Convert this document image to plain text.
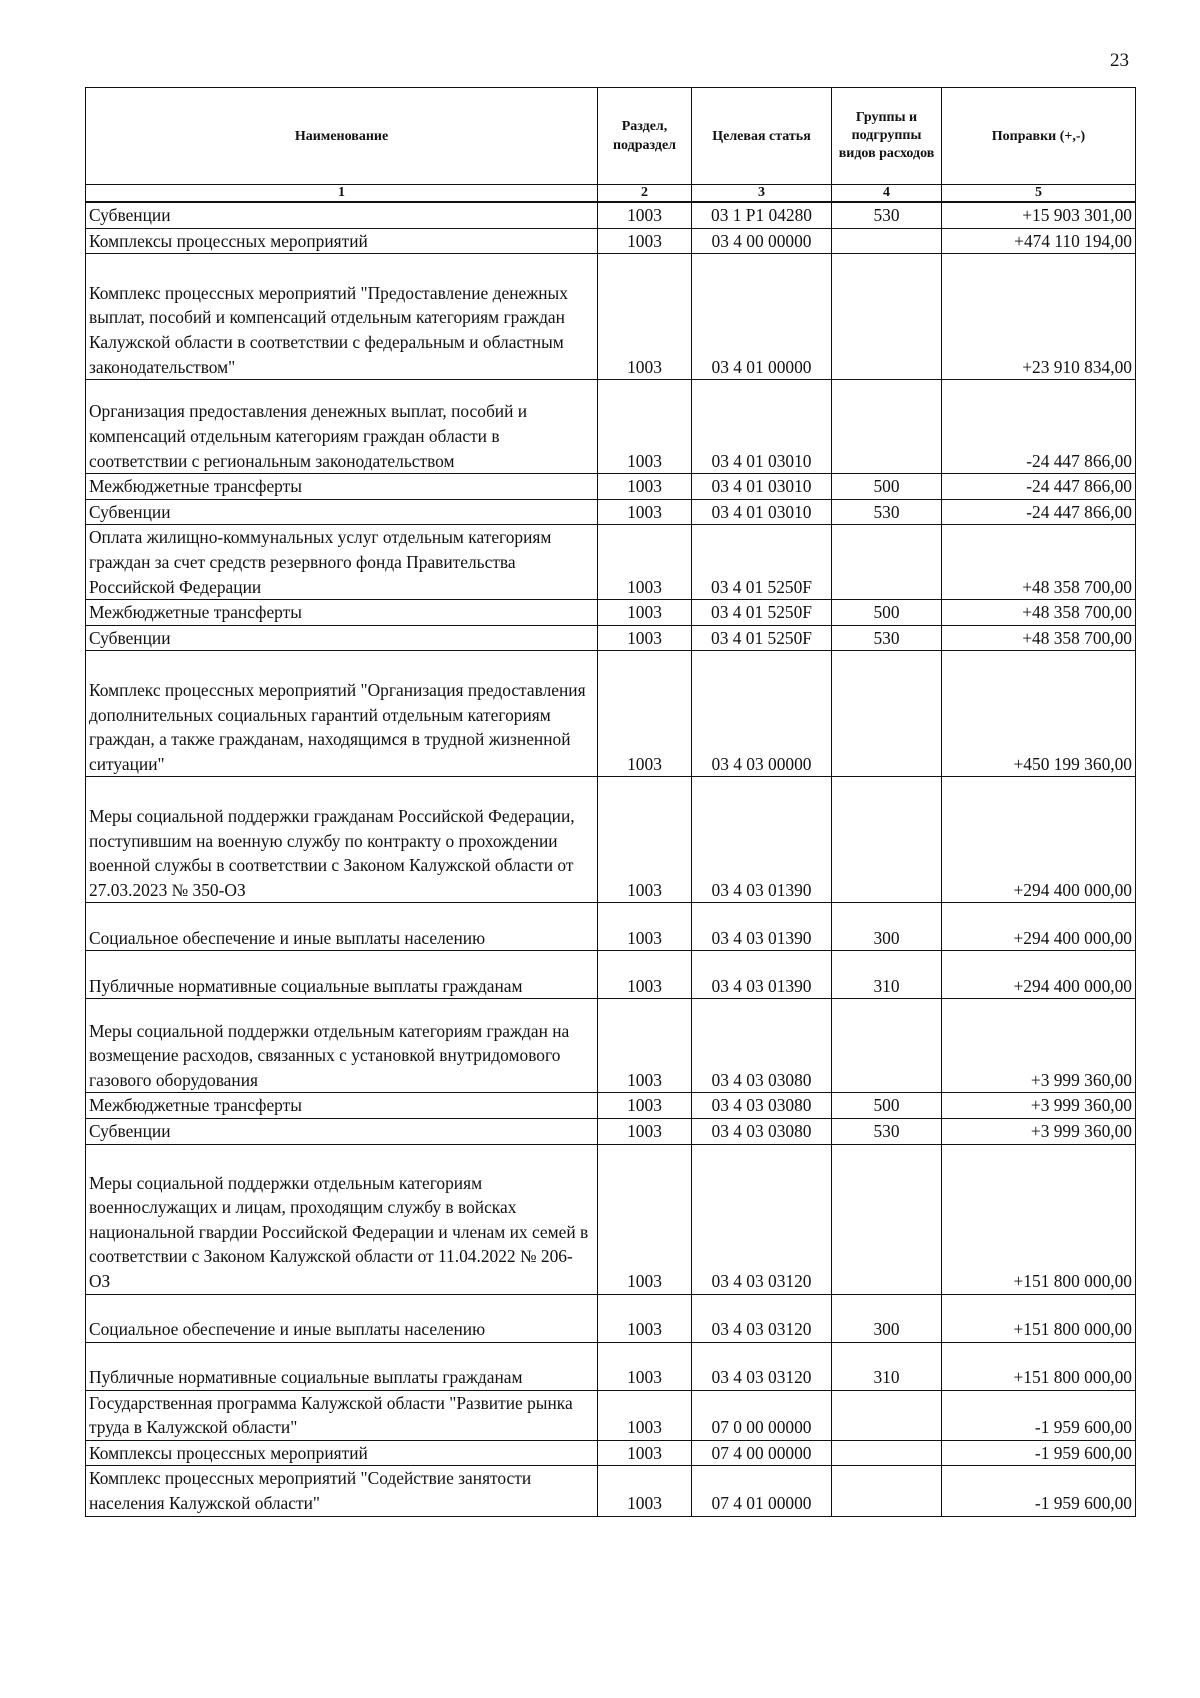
23
Наименование	Раздел, подраздел	Целевая статья	Группы и подгруппы видов расходов	Поправки (+,-)
1	2	3	4	5
Субвенции	1003	03 1 P1 04280	530	+15 903 301,00
Комплексы процессных мероприятий	1003	03 4 00 00000		+474 110 194,00
Комплекс процессных мероприятий "Предоставление денежных выплат, пособий и компенсаций отдельным категориям граждан Калужской области в соответствии с федеральным и областным законодательством"	1003	03 4 01 00000		+23 910 834,00
Организация предоставления денежных выплат, пособий и компенсаций отдельным категориям граждан области в соответствии с региональным законодательством	1003	03 4 01 03010		-24 447 866,00
Межбюджетные трансферты	1003	03 4 01 03010	500	-24 447 866,00
Субвенции	1003	03 4 01 03010	530	-24 447 866,00
Оплата жилищно-коммунальных услуг отдельным категориям граждан за счет средств резервного фонда Правительства Российской Федерации	1003	03 4 01 5250F		+48 358 700,00
Межбюджетные трансферты	1003	03 4 01 5250F	500	+48 358 700,00
Субвенции	1003	03 4 01 5250F	530	+48 358 700,00
Комплекс процессных мероприятий "Организация предоставления дополнительных социальных гарантий отдельным категориям граждан, а также гражданам, находящимся в трудной жизненной ситуации"	1003	03 4 03 00000		+450 199 360,00
Меры социальной поддержки гражданам Российской Федерации, поступившим на военную службу по контракту о прохождении военной службы в соответствии с Законом Калужской области от 27.03.2023 № 350-ОЗ	1003	03 4 03 01390		+294 400 000,00
Социальное обеспечение и иные выплаты населению	1003	03 4 03 01390	300	+294 400 000,00
Публичные нормативные социальные выплаты гражданам	1003	03 4 03 01390	310	+294 400 000,00
Меры социальной поддержки отдельным категориям граждан на возмещение расходов, связанных с установкой внутридомового газового оборудования	1003	03 4 03 03080		+3 999 360,00
Межбюджетные трансферты	1003	03 4 03 03080	500	+3 999 360,00
Субвенции	1003	03 4 03 03080	530	+3 999 360,00
Меры социальной поддержки отдельным категориям военнослужащих и лицам, проходящим службу в войсках национальной гвардии Российской Федерации и членам их семей в соответствии с Законом Калужской области от 11.04.2022 № 206-ОЗ	1003	03 4 03 03120		+151 800 000,00
Социальное обеспечение и иные выплаты населению	1003	03 4 03 03120	300	+151 800 000,00
Публичные нормативные социальные выплаты гражданам	1003	03 4 03 03120	310	+151 800 000,00
Государственная программа Калужской области "Развитие рынка труда в Калужской области"	1003	07 0 00 00000		-1 959 600,00
Комплексы процессных мероприятий	1003	07 4 00 00000		-1 959 600,00
Комплекс процессных мероприятий "Содействие занятости населения Калужской области"	1003	07 4 01 00000		-1 959 600,00
